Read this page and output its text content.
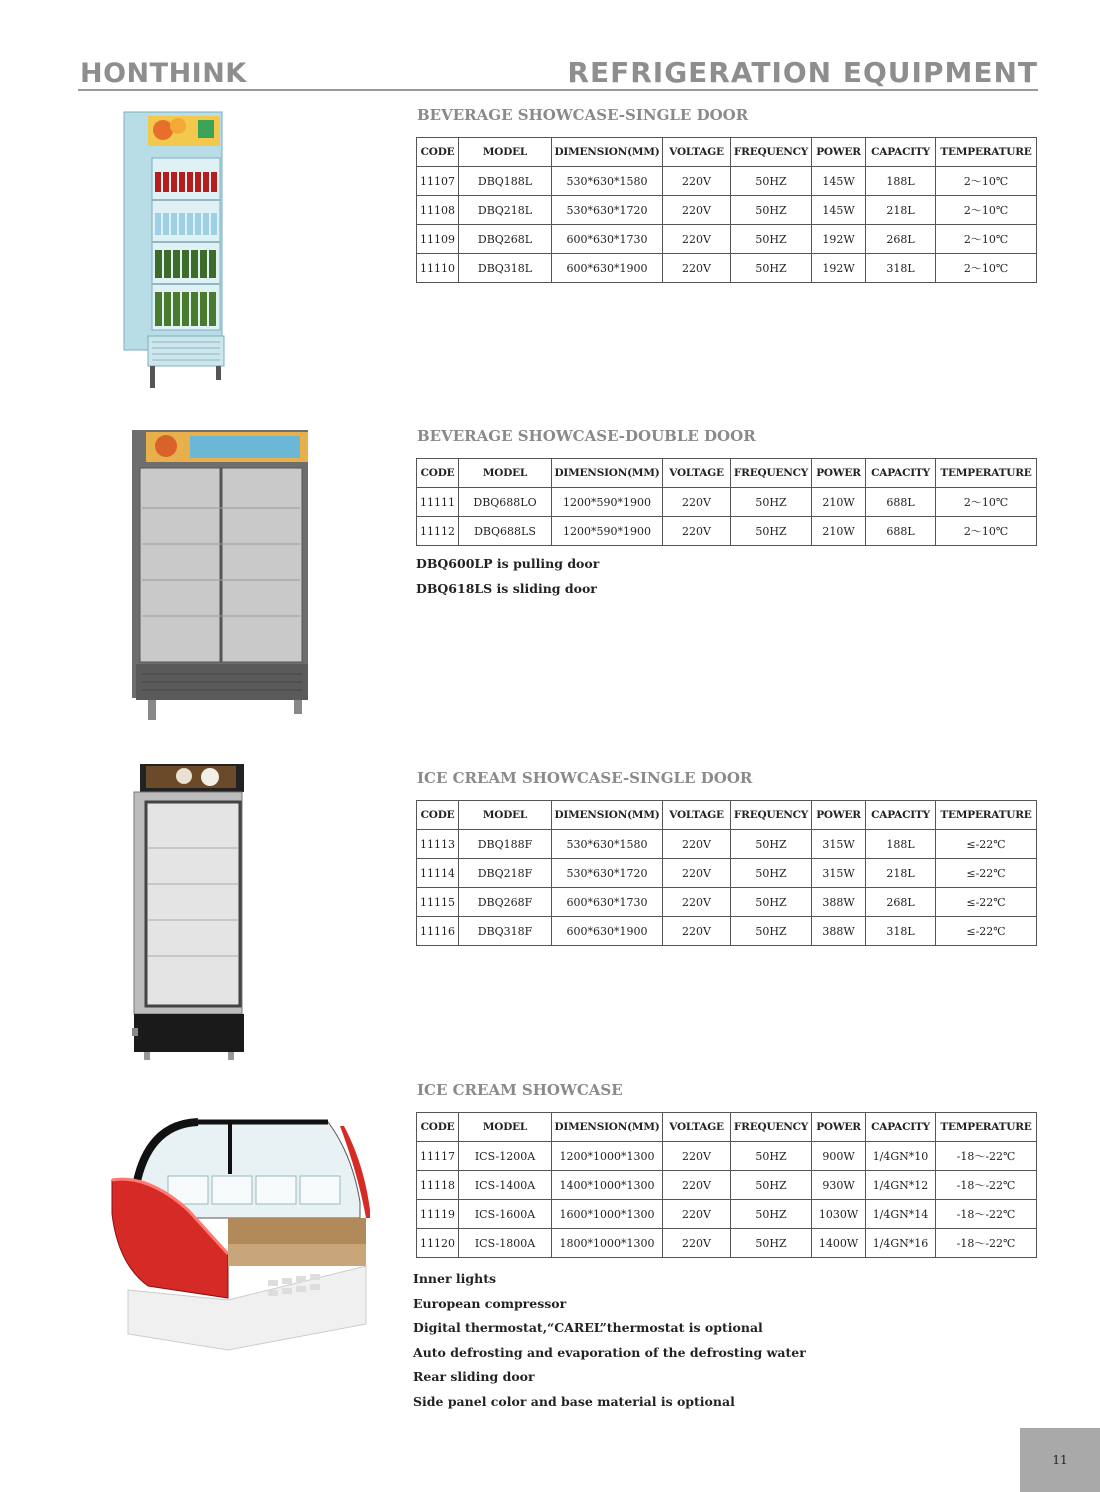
HONTHINK	REFRIGERATION EQUIPMENT
BEVERAGE SHOWCASE-SINGLE DOOR
CODE	MODEL	DIMENSION(MM)	VOLTAGE	FREQUENCY	POWER	CAPACITY	TEMPERATURE
11107	DBQ188L	530*630*1580	220V	50HZ	145W	188L	2～10℃
11108	DBQ218L	530*630*1720	220V	50HZ	145W	218L	2～10℃
11109	DBQ268L	600*630*1730	220V	50HZ	192W	268L	2～10℃
11110	DBQ318L	600*630*1900	220V	50HZ	192W	318L	2～10℃
BEVERAGE SHOWCASE-DOUBLE DOOR
CODE	MODEL	DIMENSION(MM)	VOLTAGE	FREQUENCY	POWER	CAPACITY	TEMPERATURE
11111	DBQ688LO	1200*590*1900	220V	50HZ	210W	688L	2～10℃
11112	DBQ688LS	1200*590*1900	220V	50HZ	210W	688L	2～10℃
DBQ600LP is pulling door
DBQ618LS is sliding door
ICE CREAM SHOWCASE-SINGLE DOOR
CODE	MODEL	DIMENSION(MM)	VOLTAGE	FREQUENCY	POWER	CAPACITY	TEMPERATURE
11113	DBQ188F	530*630*1580	220V	50HZ	315W	188L	≤-22℃
11114	DBQ218F	530*630*1720	220V	50HZ	315W	218L	≤-22℃
11115	DBQ268F	600*630*1730	220V	50HZ	388W	268L	≤-22℃
11116	DBQ318F	600*630*1900	220V	50HZ	388W	318L	≤-22℃
ICE CREAM SHOWCASE
CODE	MODEL	DIMENSION(MM)	VOLTAGE	FREQUENCY	POWER	CAPACITY	TEMPERATURE
11117	ICS-1200A	1200*1000*1300	220V	50HZ	900W	1/4GN*10	-18～-22℃
11118	ICS-1400A	1400*1000*1300	220V	50HZ	930W	1/4GN*12	-18～-22℃
11119	ICS-1600A	1600*1000*1300	220V	50HZ	1030W	1/4GN*14	-18～-22℃
11120	ICS-1800A	1800*1000*1300	220V	50HZ	1400W	1/4GN*16	-18～-22℃
Inner lights
European compressor
Digital thermostat,“CAREL”thermostat is optional
Auto defrosting and evaporation of the defrosting water
Rear sliding door
Side panel color and base material is optional
11
